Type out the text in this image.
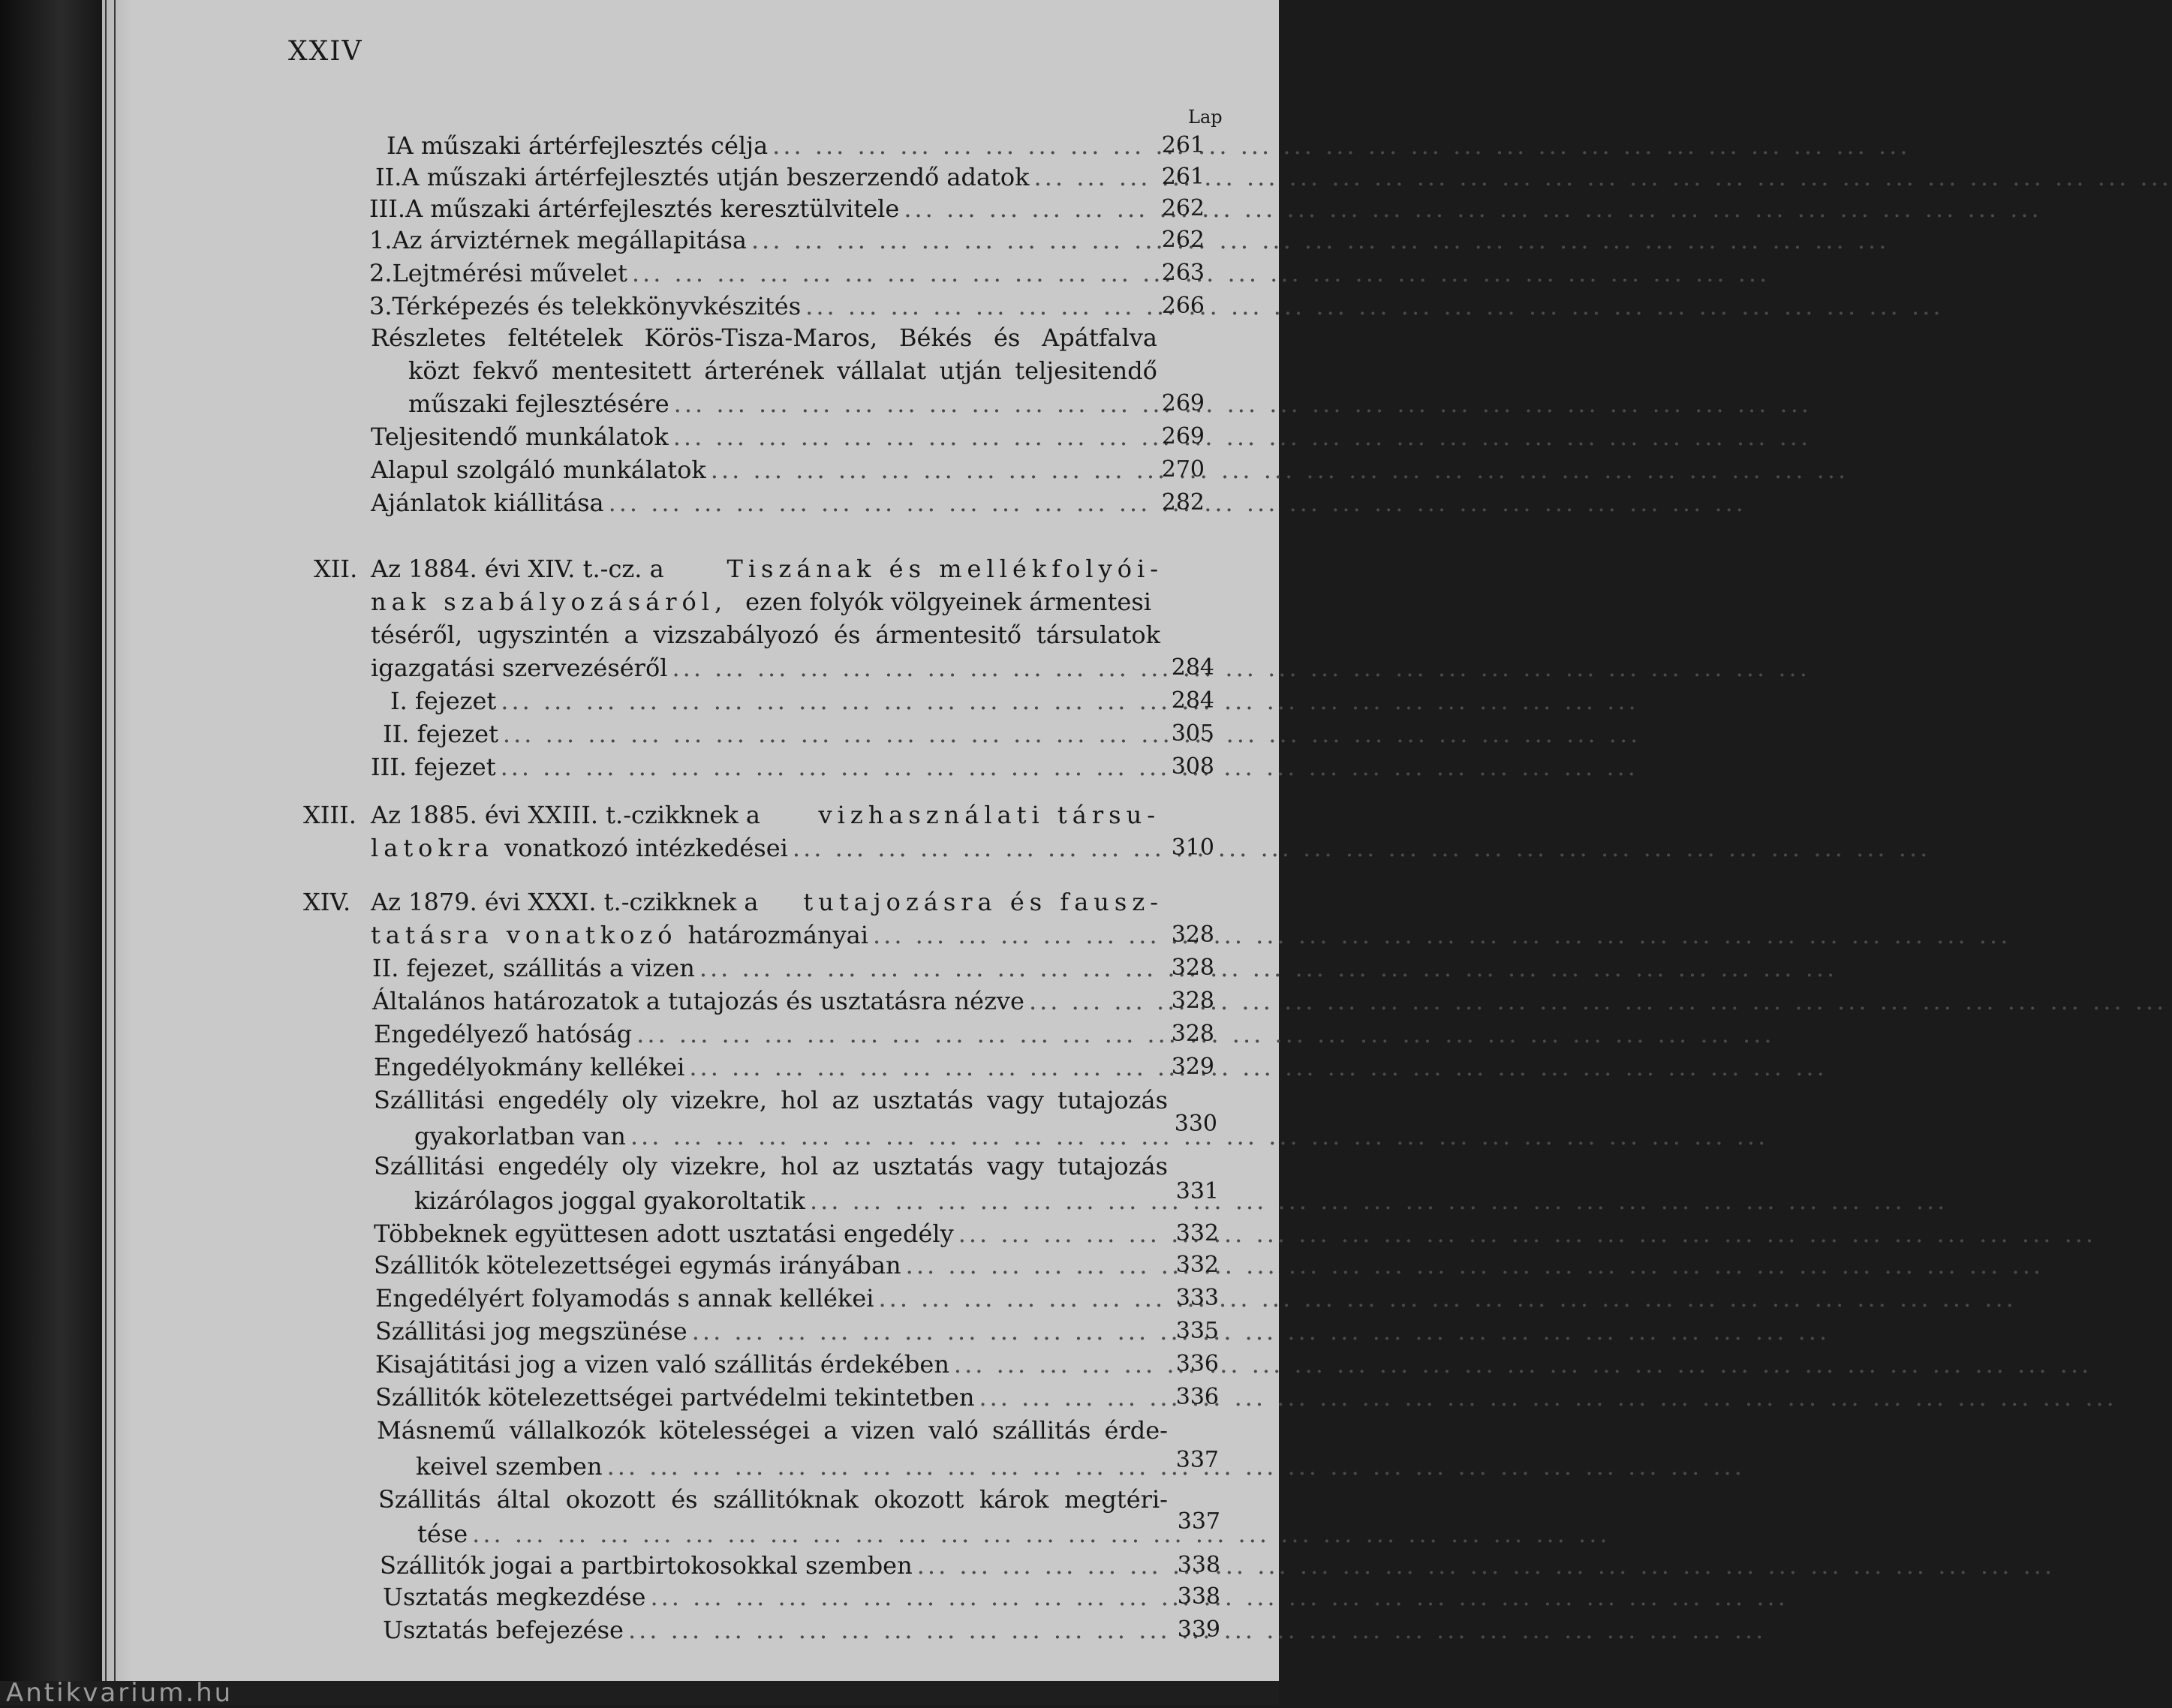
XXIV
Lap
I A műszaki ártérfejlesztés célja ... .	261
II. A műszaki ártérfejlesztés utján beszerzendő adatok ... .	261
III. A műszaki ártérfejlesztés keresztülvitele ... .	262
1. Az árviztérnek megállapitása ... .	262
2. Lejtmérési művelet ... .	263
3. Térképezés és telekkönyvkészités ... .	266
Részletes feltételek Körös-Tisza-Maros, Békés és Apátfalva
közt fekvő mentesitett árterének vállalat utján teljesitendő
műszaki fejlesztésére ... .	269
Teljesitendő munkálatok ... .	269
Alapul szolgáló munkálatok ... .	270
Ajánlatok kiállitása ... .	282
XII. Az 1884. évi XIV. t.-cz. a	Tiszának és mellékfolyói-
nak szabályozásáról, ezen folyók völgyeinek ármentesi
téséről, ugyszintén a vizszabályozó és ármentesitő társulatok
igazgatási szervezéséről ... .	284
I. fejezet ... .	284
II. fejezet ... .	305
III. fejezet ... .	308
XIII. Az 1885. évi XXIII. t.-czikknek a vizhasználati társu-
latokra vonatkozó intézkedései ... .	310
XIV. Az 1879. évi XXXI. t.-czikknek a tutajozásra és fausz-
tatásra vonatkozó határozmányai ... .	328
II. fejezet, szállitás a vizen ... .	328
Általános határozatok a tutajozás és usztatásra nézve ... .	328
Engedélyező hatóság ... .	328
Engedélyokmány kellékei ... .	329
Szállitási engedély oly vizekre, hol az usztatás vagy tutajozás
gyakorlatban van ... .	330
Szállitási engedély oly vizekre, hol az usztatás vagy tutajozás
kizárólagos joggal gyakoroltatik ... .	331
Többeknek együttesen adott usztatási engedély ... .	332
Szállitók kötelezettségei egymás irányában ... .	332
Engedélyért folyamodás s annak kellékei ... .	333
Szállitási jog megszünése ... .	335
Kisajátitási jog a vizen való szállitás érdekében ... .	336
Szállitók kötelezettségei partvédelmi tekintetben ... .	336
Másnemű vállalkozók kötelességei a vizen való szállitás érde-
keivel szemben ... .	337
Szállitás által okozott és szállitóknak okozott károk megtéri-
tése ... .	337
Szállitók jogai a partbirtokosokkal szemben ... .	338
Usztatás megkezdése ... .	338
Usztatás befejezése ... .	339
Antikvarium.hu
